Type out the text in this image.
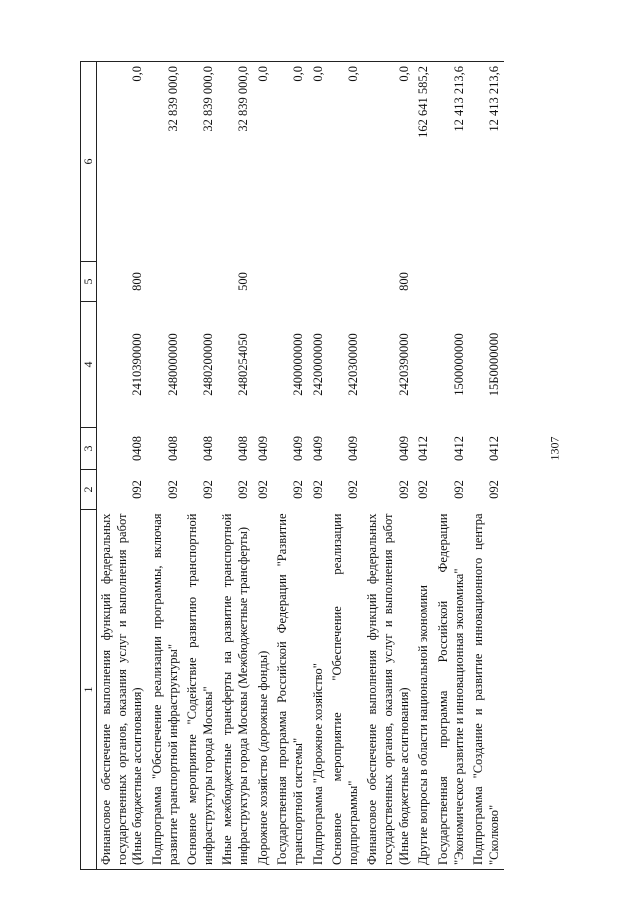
1307
1	2	3	4	5	6
Финансовое обеспечение выполнения функций федеральных государственных органов, оказания услуг и выполнения работ (Иные бюджетные ассигнования)	092	0408	2410390000	800	0,0
Подпрограмма "Обеспечение реализации программы, включая развитие транспортной инфраструктуры"	092	0408	2480000000		32 839 000,0
Основное мероприятие "Содействие развитию транспортной инфраструктуры города Москвы"	092	0408	2480200000		32 839 000,0
Иные межбюджетные трансферты на развитие транспортной инфраструктуры города Москвы (Межбюджетные трансферты)	092	0408	2480254050	500	32 839 000,0
Дорожное хозяйство (дорожные фонды)	092	0409			0,0
Государственная программа Российской Федерации "Развитие транспортной системы"	092	0409	2400000000		0,0
Подпрограмма "Дорожное хозяйство"	092	0409	2420000000		0,0
Основное мероприятие "Обеспечение реализации подпрограммы"	092	0409	2420300000		0,0
Финансовое обеспечение выполнения функций федеральных государственных органов, оказания услуг и выполнения работ (Иные бюджетные ассигнования)	092	0409	2420390000	800	0,0
Другие вопросы в области национальной экономики	092	0412			162 641 585,2
Государственная программа Российской Федерации "Экономическое развитие и инновационная экономика"	092	0412	1500000000		12 413 213,6
Подпрограмма "Создание и развитие инновационного центра "Сколково"	092	0412	15Б0000000		12 413 213,6
